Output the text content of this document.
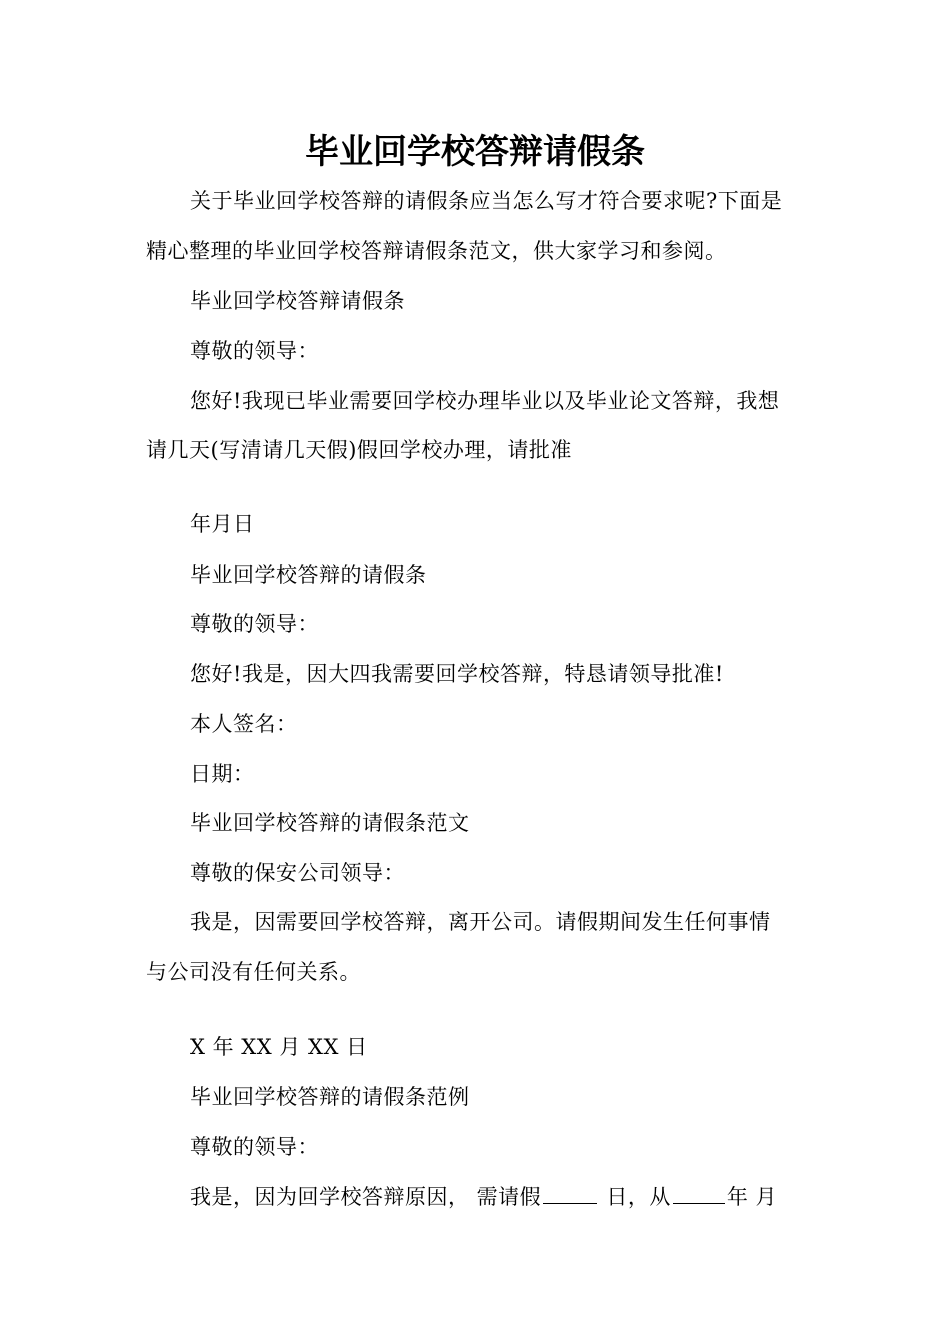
毕业回学校答辩请假条
关于毕业回学校答辩的请假条应当怎么写才符合要求呢?下面是
精心整理的毕业回学校答辩请假条范文，供大家学习和参阅。
毕业回学校答辩请假条
尊敬的领导：
您好!我现已毕业需要回学校办理毕业以及毕业论文答辩，我想
请几天(写清请几天假)假回学校办理，请批准
年月日
毕业回学校答辩的请假条
尊敬的领导：
您好!我是，因大四我需要回学校答辩，特恳请领导批准!
本人签名：
日期：
毕业回学校答辩的请假条范文
尊敬的保安公司领导：
我是，因需要回学校答辩，离开公司。请假期间发生任何事情
与公司没有任何关系。
X 年 XX 月 XX 日
毕业回学校答辩的请假条范例
尊敬的领导：
我是，因为回学校答辩原因， 需请假	日，从	年 月
